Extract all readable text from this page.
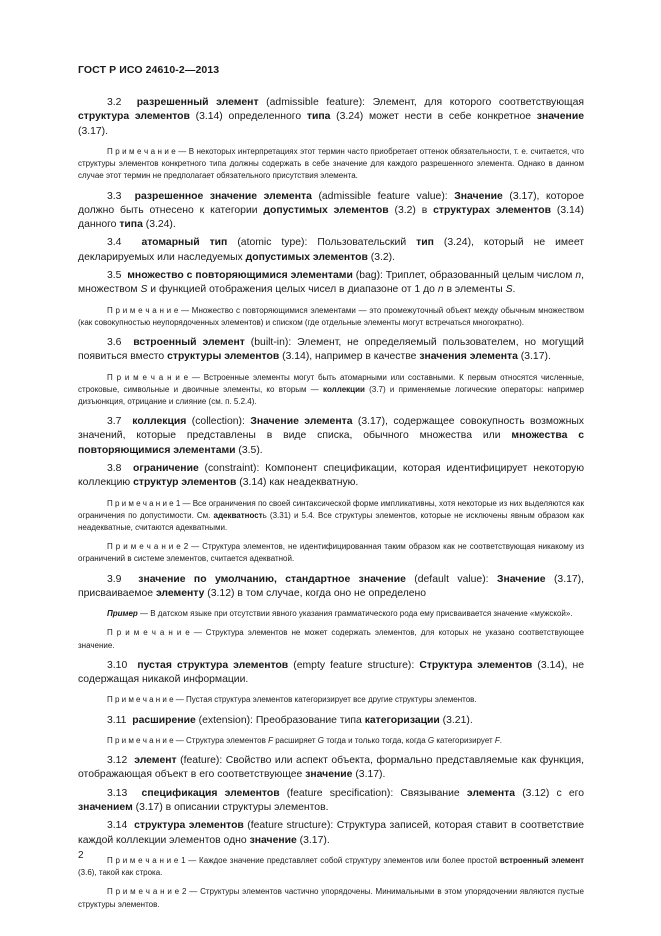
ГОСТ Р ИСО 24610-2—2013

3.2 разрешенный элемент (admissible feature): Элемент, для которого соответствующая структура элементов (3.14) определенного типа (3.24) может нести в себе конкретное значение (3.17).

П р и м е ч а н и е — В некоторых интерпретациях этот термин часто приобретает оттенок обязательности, т. е. считается, что структуры элементов конкретного типа должны содержать в себе значение для каждого разрешенного элемента. Однако в данном случае этот термин не предполагает обязательного присутствия элемента.

3.3 разрешенное значение элемента (admissible feature value): Значение (3.17), которое должно быть отнесено к категории допустимых элементов (3.2) в структурах элементов (3.14) данного типа (3.24).

3.4 атомарный тип (atomic type): Пользовательский тип (3.24), который не имеет декларируемых или наследуемых допустимых элементов (3.2).

3.5 множество с повторяющимися элементами (bag): Триплет, образованный целым числом n, множеством S и функцией отображения целых чисел в диапазоне от 1 до n в элементы S.

П р и м е ч а н и е — Множество с повторяющимися элементами — это промежуточный объект между обычным множеством (как совокупностью неупорядоченных элементов) и списком (где отдельные элементы могут встречаться многократно).

3.6 встроенный элемент (built-in): Элемент, не определяемый пользователем, но могущий появиться вместо структуры элементов (3.14), например в качестве значения элемента (3.17).

П р и м е ч а н и е — Встроенные элементы могут быть атомарными или составными. К первым относятся численные, строковые, символьные и двоичные элементы, ко вторым — коллекции (3.7) и применяемые логические операторы: например дизъюнкция, отрицание и слияние (см. п. 5.2.4).

3.7 коллекция (collection): Значение элемента (3.17), содержащее совокупность возможных значений, которые представлены в виде списка, обычного множества или множества с повторяющимися элементами (3.5).

3.8 ограничение (constraint): Компонент спецификации, которая идентифицирует некоторую коллекцию структур элементов (3.14) как неадекватную.

П р и м е ч а н и е 1 — Все ограничения по своей синтаксической форме импликативны, хотя некоторые из них выделяются как ограничения по допустимости. См. адекватность (3.31) и 5.4. Все структуры элементов, которые не исключены явным образом как неадекватные, считаются адекватными.

П р и м е ч а н и е 2 — Структура элементов, не идентифицированная таким образом как не соответствующая никакому из ограничений в системе элементов, считается адекватной.

3.9 значение по умолчанию, стандартное значение (default value): Значение (3.17), присваиваемое элементу (3.12) в том случае, когда оно не определено

Пример — В датском языке при отсутствии явного указания грамматического рода ему присваивается значение «мужской».

П р и м е ч а н и е — Структура элементов не может содержать элементов, для которых не указано соответствующее значение.

3.10 пустая структура элементов (empty feature structure): Структура элементов (3.14), не содержащая никакой информации.

П р и м е ч а н и е — Пустая структура элементов категоризирует все другие структуры элементов.

3.11 расширение (extension): Преобразование типа категоризации (3.21).

П р и м е ч а н и е — Структура элементов F расширяет G тогда и только тогда, когда G категоризирует F.

3.12 элемент (feature): Свойство или аспект объекта, формально представляемые как функция, отображающая объект в его соответствующее значение (3.17).

3.13 спецификация элементов (feature specification): Связывание элемента (3.12) с его значением (3.17) в описании структуры элементов.

3.14 структура элементов (feature structure): Структура записей, которая ставит в соответствие каждой коллекции элементов одно значение (3.17).

П р и м е ч а н и е 1 — Каждое значение представляет собой структуру элементов или более простой встроенный элемент (3.6), такой как строка.

П р и м е ч а н и е 2 — Структуры элементов частично упорядочены. Минимальными в этом упорядочении являются пустые структуры элементов.

2
